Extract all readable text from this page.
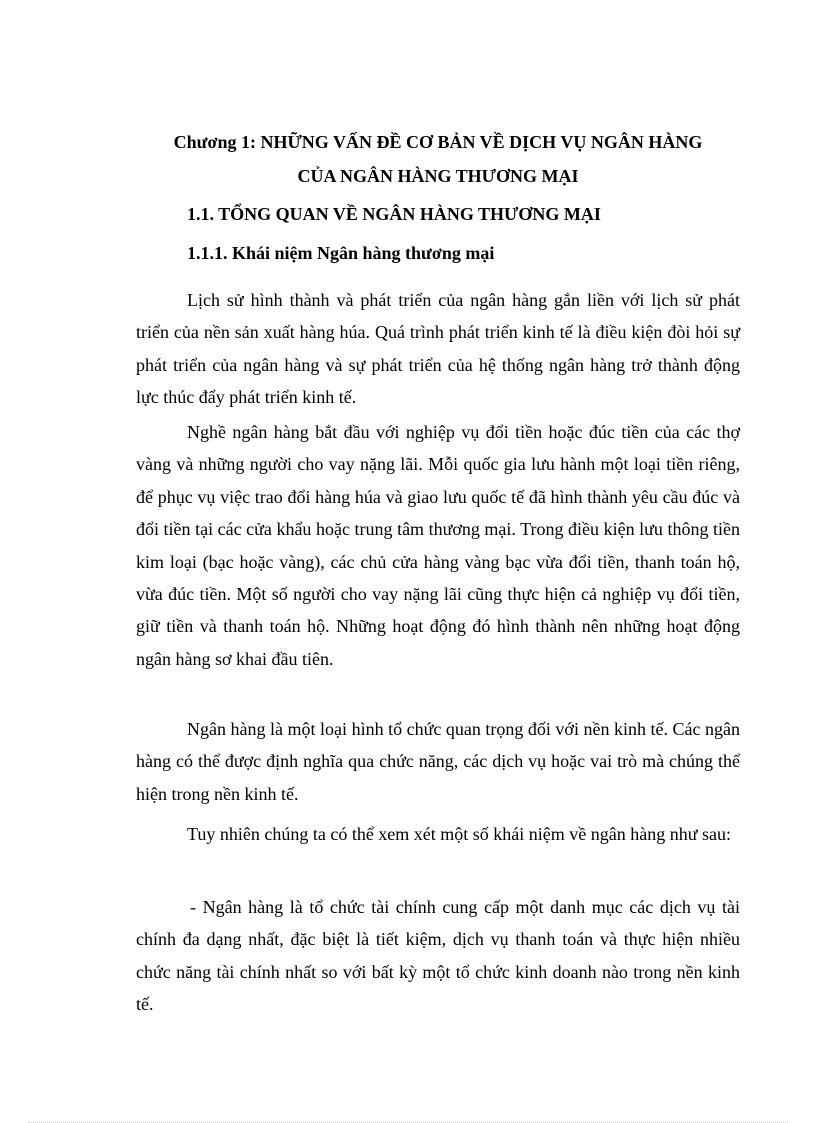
Chương 1: NHỮNG VẤN ĐỀ CƠ BẢN VỀ DỊCH VỤ NGÂN HÀNG
CỦA NGÂN HÀNG THƯƠNG MẠI
1.1. TỔNG QUAN VỀ NGÂN HÀNG THƯƠNG MẠI
1.1.1. Khái niệm Ngân hàng thương mại

Lịch sử hình thành và phát triển của ngân hàng gắn liền với lịch sử phát triển của nền sản xuất hàng húa. Quá trình phát triển kinh tế là điều kiện đòi hỏi sự phát triển của ngân hàng và sự phát triển của hệ thống ngân hàng trở thành động lực thúc đẩy phát triển kinh tế.

Nghề ngân hàng bắt đầu với nghiệp vụ đổi tiền hoặc đúc tiền của các thợ vàng và những người cho vay nặng lãi. Mỗi quốc gia lưu hành một loại tiền riêng, để phục vụ việc trao đổi hàng húa và giao lưu quốc tế đã hình thành yêu cầu đúc và đổi tiền tại các cửa khẩu hoặc trung tâm thương mại. Trong điều kiện lưu thông tiền kim loại (bạc hoặc vàng), các chủ cửa hàng vàng bạc vừa đổi tiền, thanh toán hộ, vừa đúc tiền. Một số người cho vay nặng lãi cũng thực hiện cả nghiệp vụ đổi tiền, giữ tiền và thanh toán hộ. Những hoạt động đó hình thành nên những hoạt động ngân hàng sơ khai đầu tiên.

Ngân hàng là một loại hình tổ chức quan trọng đối với nền kinh tế. Các ngân hàng có thể được định nghĩa qua chức năng, các dịch vụ hoặc vai trò mà chúng thể hiện trong nền kinh tế.

Tuy nhiên chúng ta có thể xem xét một số khái niệm về ngân hàng như sau:

- Ngân hàng là tổ chức tài chính cung cấp một danh mục các dịch vụ tài chính đa dạng nhất, đặc biệt là tiết kiệm, dịch vụ thanh toán và thực hiện nhiều chức năng tài chính nhất so với bất kỳ một tổ chức kinh doanh nào trong nền kinh tế.
